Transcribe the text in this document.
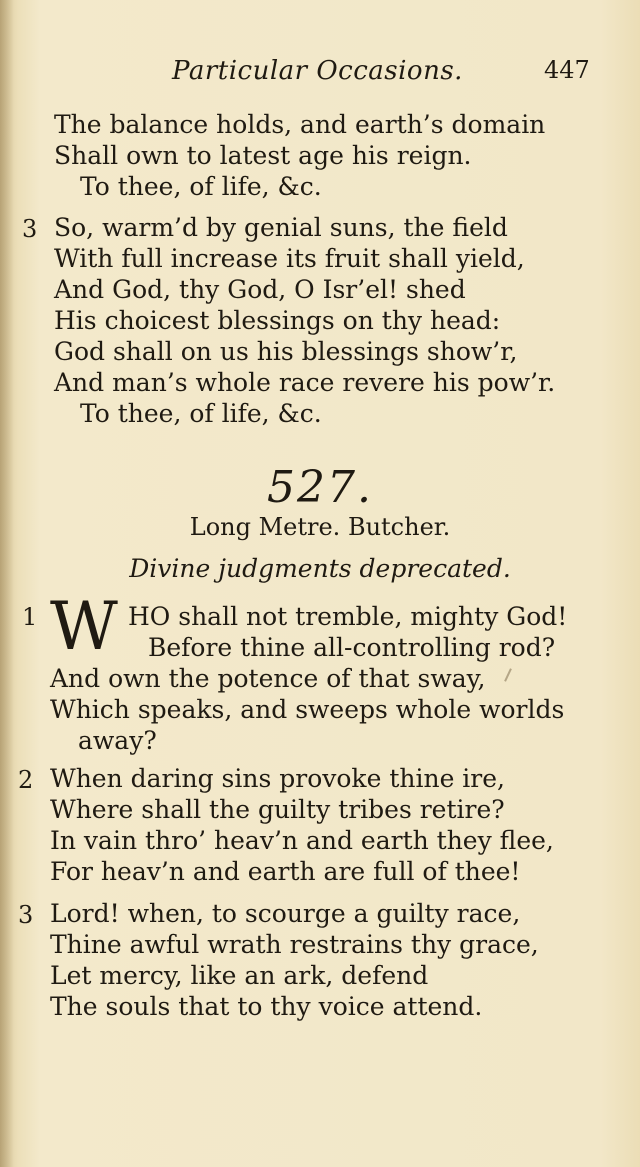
Particular Occasions.	447
The balance holds, and earth’s domain
Shall own to latest age his reign.
To thee, of life, &c.
3 So, warm’d by genial suns, the field
With full increase its fruit shall yield,
And God, thy God, O Isr’el! shed
His choicest blessings on thy head:
God shall on us his blessings show’r,
And man’s whole race revere his pow’r.
To thee, of life, &c.
527.
Long Metre. Butcher.
Divine judgments deprecated.
1 W HO shall not tremble, mighty God!
Before thine all-controlling rod?
And own the potence of that sway,
Which speaks, and sweeps whole worlds
away?
2 When daring sins provoke thine ire,
Where shall the guilty tribes retire?
In vain thro’ heav’n and earth they flee,
For heav’n and earth are full of thee!
3 Lord! when, to scourge a guilty race,
Thine awful wrath restrains thy grace,
Let mercy, like an ark, defend
The souls that to thy voice attend.
